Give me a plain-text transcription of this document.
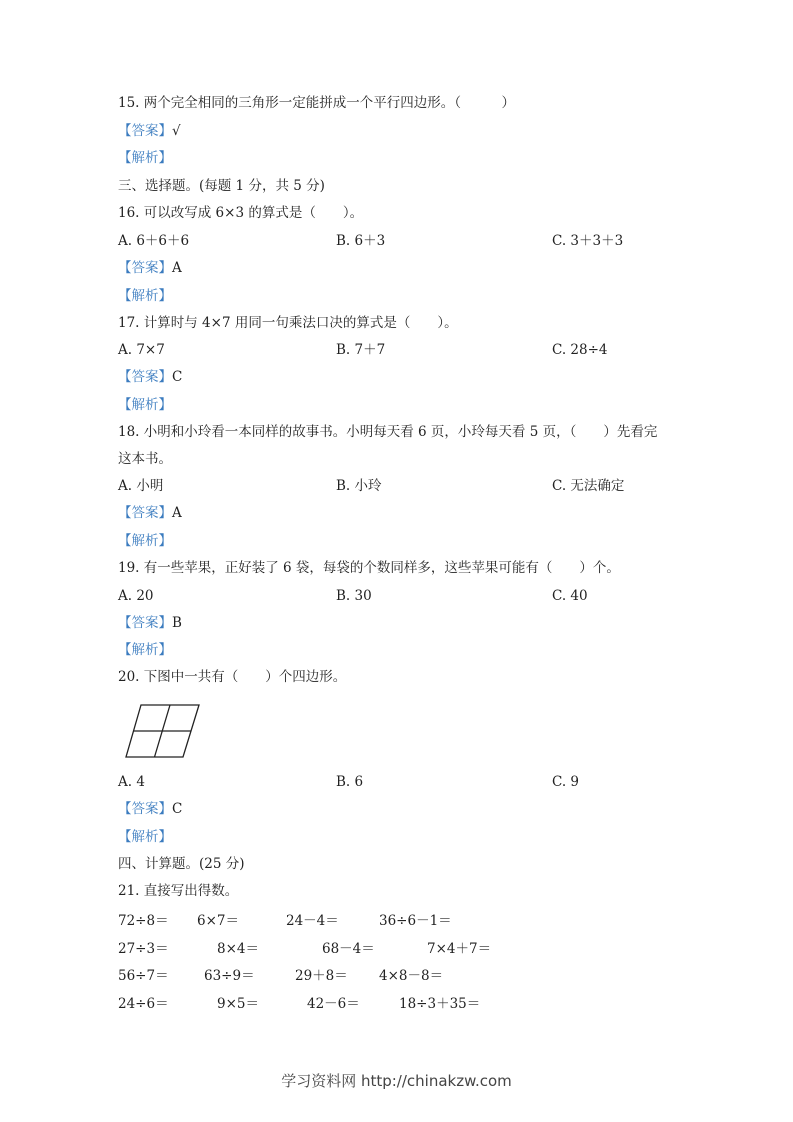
15. 两个完全相同的三角形一定能拼成一个平行四边形。（　　　）
【答案】√
【解析】
三、选择题。(每题 1 分，共 5 分)
16. 可以改写成 6×3 的算式是（　　）。
A. 6＋6＋6	B. 6＋3	C. 3＋3＋3
【答案】A
【解析】
17. 计算时与 4×7 用同一句乘法口决的算式是（　　）。
A. 7×7	B. 7＋7	C. 28÷4
【答案】C
【解析】
18. 小明和小玲看一本同样的故事书。小明每天看 6 页，小玲每天看 5 页，（　　）先看完
这本书。
A. 小明	B. 小玲	C. 无法确定
【答案】A
【解析】
19. 有一些苹果，正好装了 6 袋，每袋的个数同样多，这些苹果可能有（　　）个。
A. 20	B. 30	C. 40
【答案】B
【解析】
20. 下图中一共有（　　）个四边形。
A. 4	B. 6	C. 9
【答案】C
【解析】
四、计算题。(25 分)
21. 直接写出得数。
72÷8＝ 6×7＝	24－4＝	36÷6－1＝
27÷3＝	8×4＝	68－4＝	7×4＋7＝
56÷7＝	63÷9＝	29＋8＝ 4×8－8＝
24÷6＝	9×5＝	42－6＝	18÷3＋35＝
学习资料网 http://chinakzw.com
